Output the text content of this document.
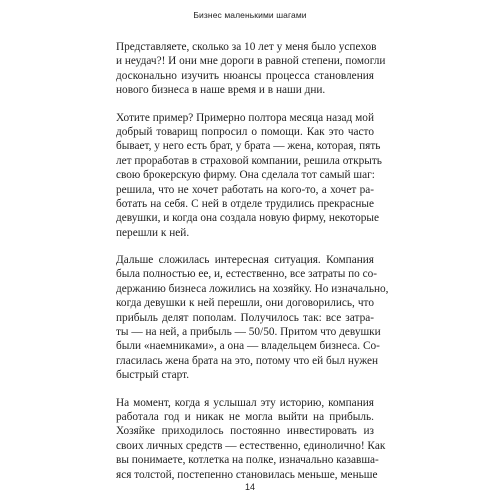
Бизнес маленькими шагами

Представляете, сколько за 10 лет у меня было успехов
и неудач?! И они мне дороги в равной степени, помогли
досконально изучить нюансы процесса становления
нового бизнеса в наше время и в наши дни.

Хотите пример? Примерно полтора месяца назад мой
добрый товарищ попросил о помощи. Как это часто
бывает, у него есть брат, у брата — жена, которая, пять
лет проработав в страховой компании, решила открыть
свою брокерскую фирму. Она сделала тот самый шаг:
решила, что не хочет работать на кого-то, а хочет ра-
ботать на себя. С ней в отделе трудились прекрасные
девушки, и когда она создала новую фирму, некоторые
перешли к ней.

Дальше сложилась интересная ситуация. Компания
была полностью ее, и, естественно, все затраты по со-
держанию бизнеса ложились на хозяйку. Но изначально,
когда девушки к ней перешли, они договорились, что
прибыль делят пополам. Получилось так: все затра-
ты — на ней, а прибыль — 50/50. Притом что девушки
были «наемниками», а она — владельцем бизнеса. Со-
гласилась жена брата на это, потому что ей был нужен
быстрый старт.

На момент, когда я услышал эту историю, компания
работала год и никак не могла выйти на прибыль.
Хозяйке приходилось постоянно инвестировать из
своих личных средств — естественно, единолично! Как
вы понимаете, котлетка на полке, изначально казавша-
яся толстой, постепенно становилась меньше, меньше

14
